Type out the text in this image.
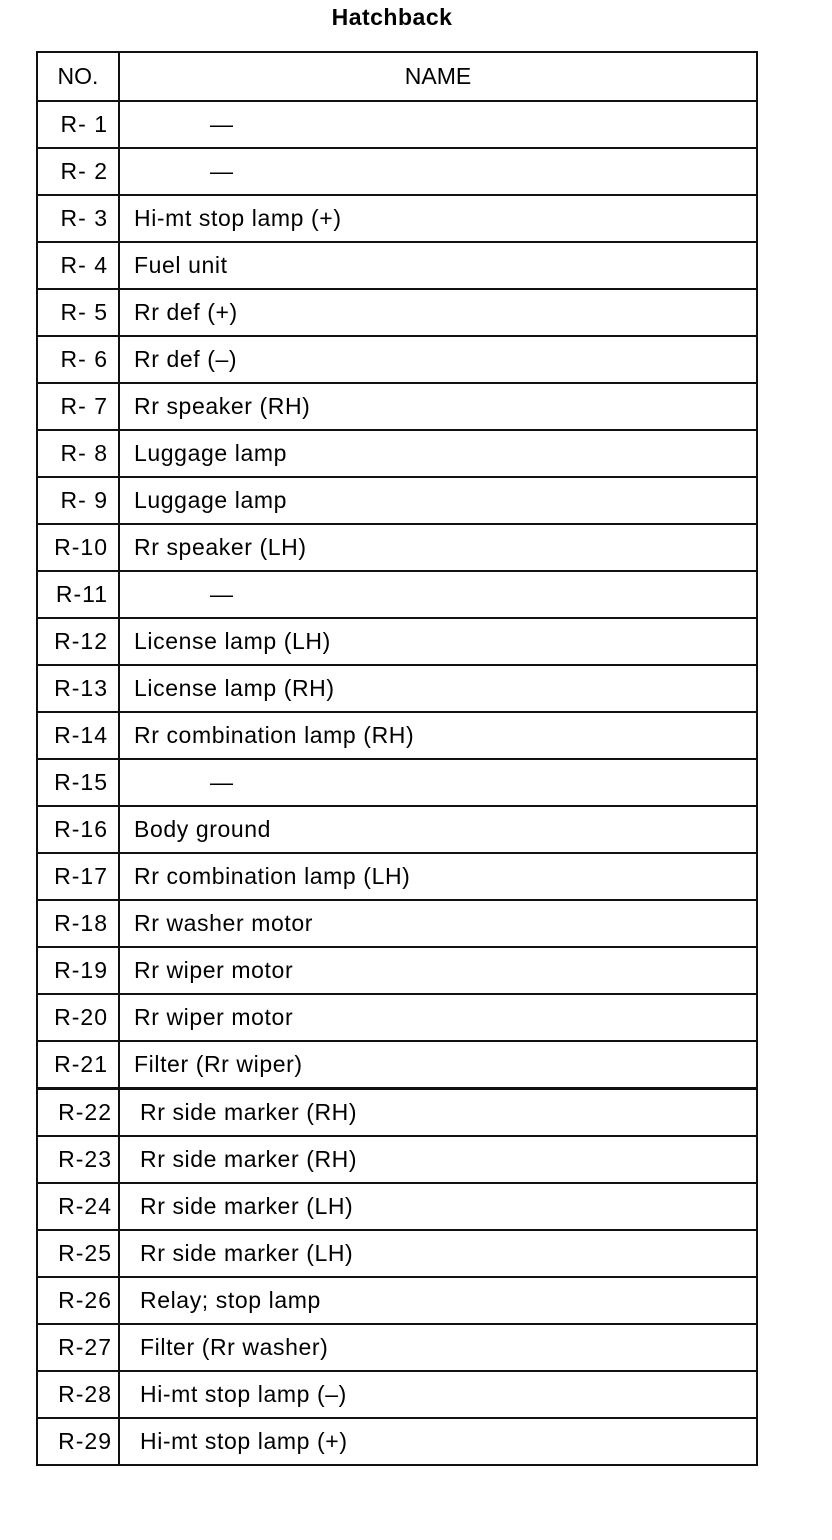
Hatchback
NO.	NAME
R- 1	—
R- 2	—
R- 3	Hi-mt stop lamp (+)
R- 4	Fuel unit
R- 5	Rr def (+)
R- 6	Rr def (–)
R- 7	Rr speaker (RH)
R- 8	Luggage lamp
R- 9	Luggage lamp
R-10	Rr speaker (LH)
R-11	—
R-12	License lamp (LH)
R-13	License lamp (RH)
R-14	Rr combination lamp (RH)
R-15	—
R-16	Body ground
R-17	Rr combination lamp (LH)
R-18	Rr washer motor
R-19	Rr wiper motor
R-20	Rr wiper motor
R-21	Filter (Rr wiper)
R-22	Rr side marker (RH)
R-23	Rr side marker (RH)
R-24	Rr side marker (LH)
R-25	Rr side marker (LH)
R-26	Relay; stop lamp
R-27	Filter (Rr washer)
R-28	Hi-mt stop lamp (–)
R-29	Hi-mt stop lamp (+)
